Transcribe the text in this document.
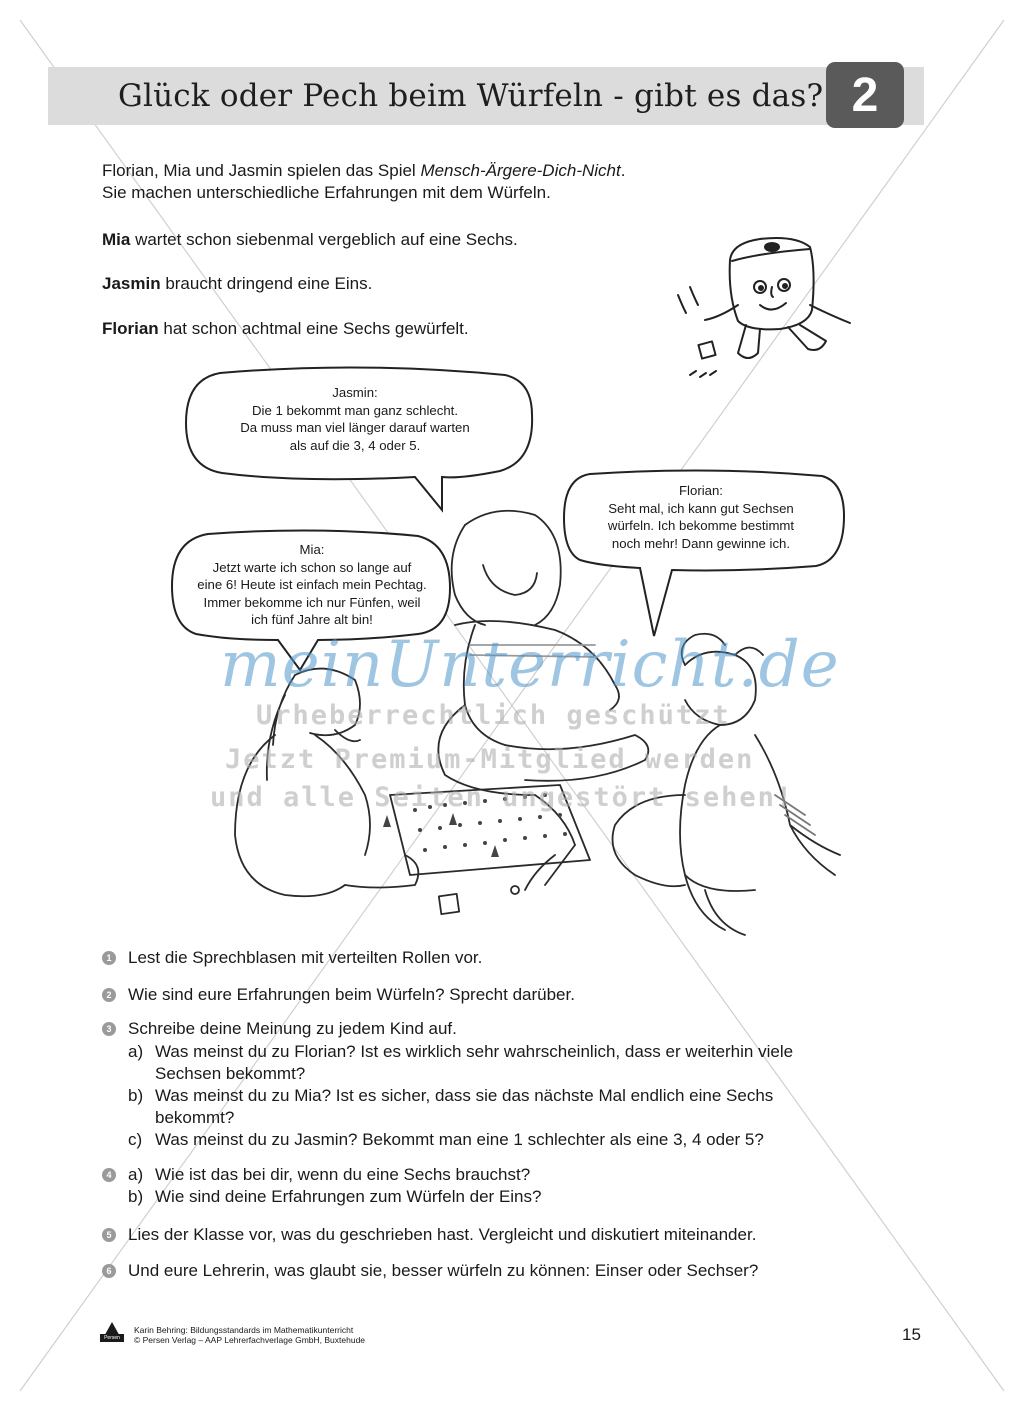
Glück oder Pech beim Würfeln - gibt es das? 2
Florian, Mia und Jasmin spielen das Spiel Mensch-Ärgere-Dich-Nicht.
Sie machen unterschiedliche Erfahrungen mit dem Würfeln.
Mia wartet schon siebenmal vergeblich auf eine Sechs.
Jasmin braucht dringend eine Eins.
Florian hat schon achtmal eine Sechs gewürfelt.
Jasmin:
Die 1 bekommt man ganz schlecht.
Da muss man viel länger darauf warten
als auf die 3, 4 oder 5.
Florian:
Seht mal, ich kann gut Sechsen
würfeln. Ich bekomme bestimmt
noch mehr! Dann gewinne ich.
Mia:
Jetzt warte ich schon so lange auf
eine 6! Heute ist einfach mein Pechtag.
Immer bekomme ich nur Fünfen, weil
ich fünf Jahre alt bin!
meinUnterricht.de
Urheberrechtlich geschützt
Jetzt Premium-Mitglied werden
und alle Seiten ungestört sehen!
1 Lest die Sprechblasen mit verteilten Rollen vor.
2 Wie sind eure Erfahrungen beim Würfeln? Sprecht darüber.
3 Schreibe deine Meinung zu jedem Kind auf.
a) Was meinst du zu Florian? Ist es wirklich sehr wahrscheinlich, dass er weiterhin viele
Sechsen bekommt?
b) Was meinst du zu Mia? Ist es sicher, dass sie das nächste Mal endlich eine Sechs
bekommt?
c) Was meinst du zu Jasmin? Bekommt man eine 1 schlechter als eine 3, 4 oder 5?
4 a) Wie ist das bei dir, wenn du eine Sechs brauchst?
b) Wie sind deine Erfahrungen zum Würfeln der Eins?
5 Lies der Klasse vor, was du geschrieben hast. Vergleicht und diskutiert miteinander.
6 Und eure Lehrerin, was glaubt sie, besser würfeln zu können: Einser oder Sechser?
Persen
Karin Behring: Bildungsstandards im Mathematikunterricht
© Persen Verlag – AAP Lehrerfachverlage GmbH, Buxtehude	15
